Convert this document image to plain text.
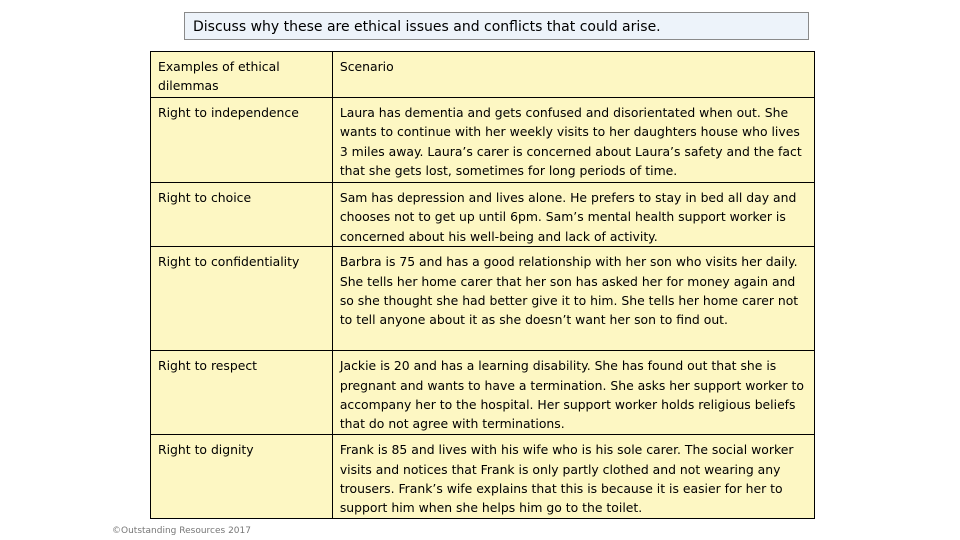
Discuss why these are ethical issues and conflicts that could arise.
Examples of ethical dilemmas	Scenario
Right to independence	Laura has dementia and gets confused and disorientated when out. She wants to continue with her weekly visits to her daughters house who lives 3 miles away. Laura’s carer is concerned about Laura’s safety and the fact that she gets lost, sometimes for long periods of time.
Right to choice	Sam has depression and lives alone. He prefers to stay in bed all day and chooses not to get up until 6pm. Sam’s mental health support worker is concerned about his well-being and lack of activity.
Right to confidentiality	Barbra is 75 and has a good relationship with her son who visits her daily. She tells her home carer that her son has asked her for money again and so she thought she had better give it to him. She tells her home carer not to tell anyone about it as she doesn’t want her son to find out.
Right to respect	Jackie is 20 and has a learning disability. She has found out that she is pregnant and wants to have a termination. She asks her support worker to accompany her to the hospital. Her support worker holds religious beliefs that do not agree with terminations.
Right to dignity	Frank is 85 and lives with his wife who is his sole carer. The social worker visits and notices that Frank is only partly clothed and not wearing any trousers. Frank’s wife explains that this is because it is easier for her to support him when she helps him go to the toilet.
©Outstanding Resources 2017
